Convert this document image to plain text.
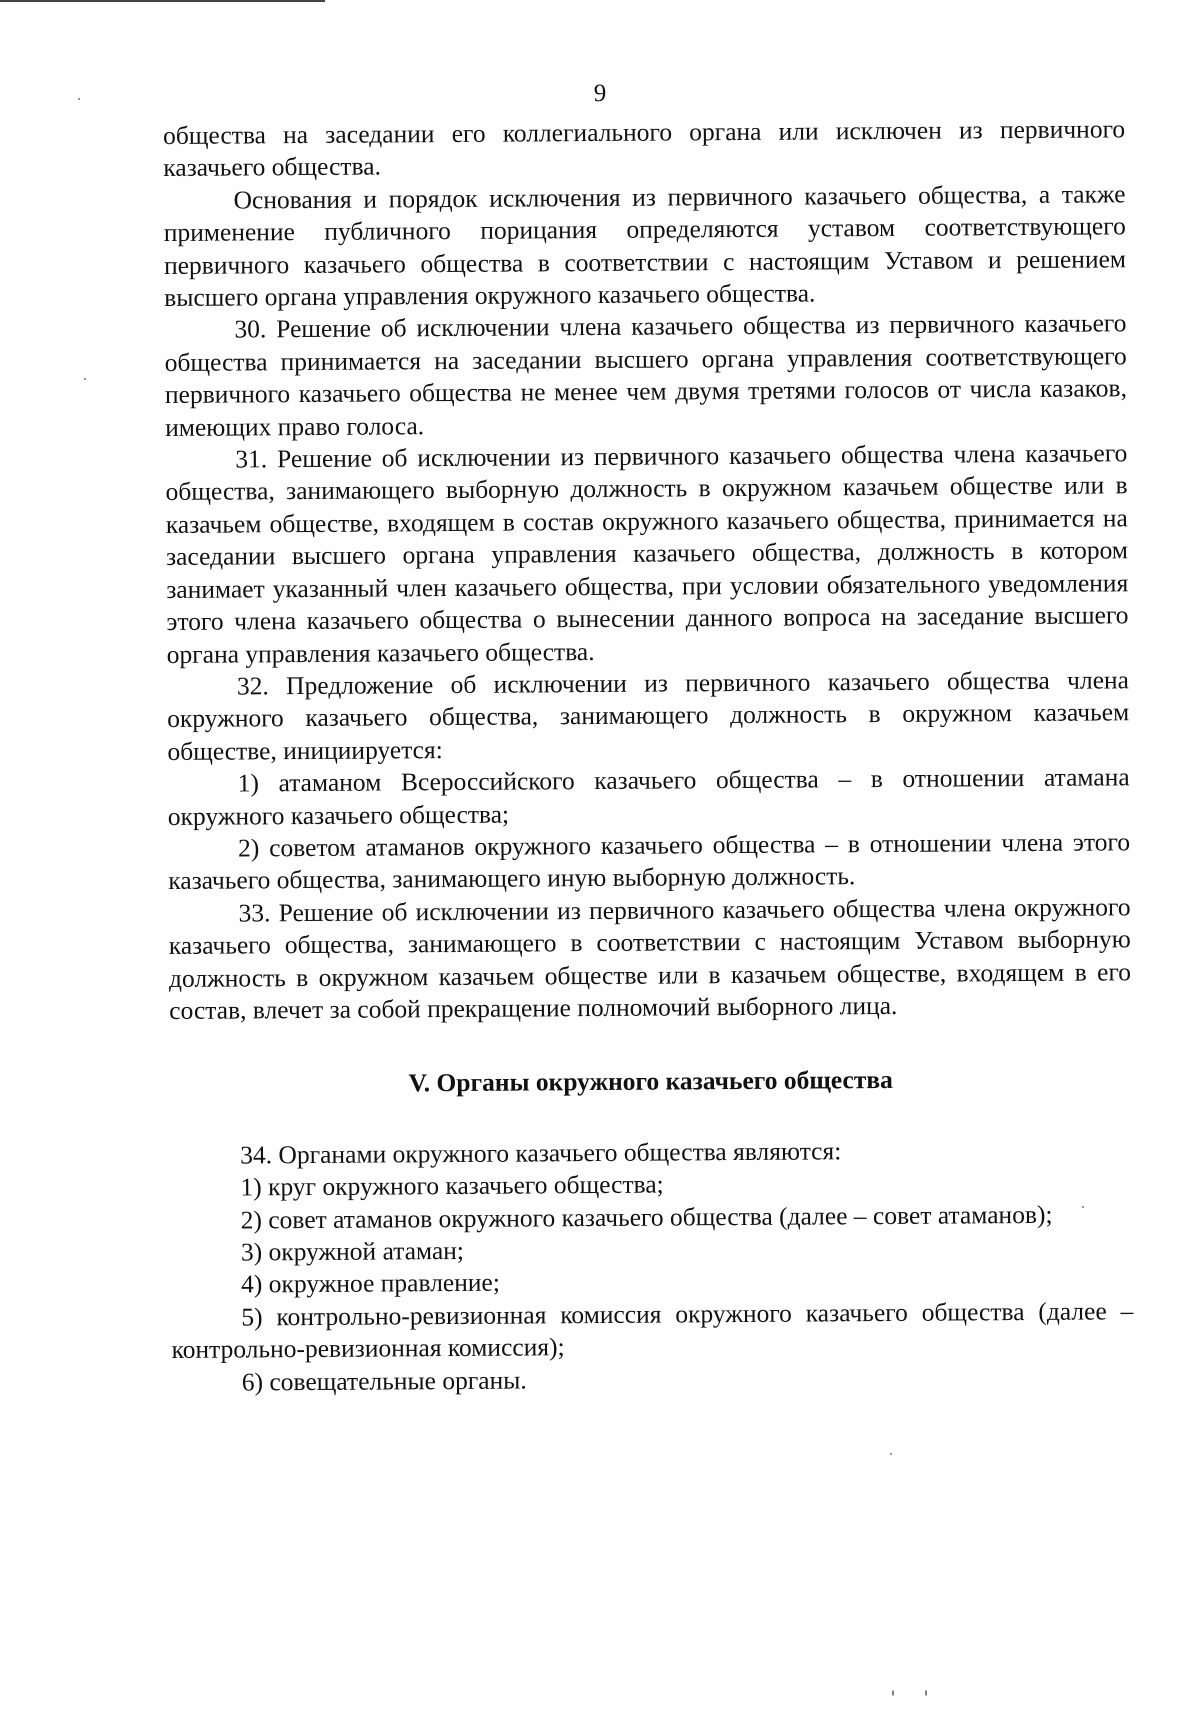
9

общества на заседании его коллегиального органа или исключен из первичного казачьего общества.

Основания и порядок исключения из первичного казачьего общества, а также применение публичного порицания определяются уставом соответствующего первичного казачьего общества в соответствии с настоящим Уставом и решением высшего органа управления окружного казачьего общества.

30. Решение об исключении члена казачьего общества из первичного казачьего общества принимается на заседании высшего органа управления соответствующего первичного казачьего общества не менее чем двумя третями голосов от числа казаков, имеющих право голоса.

31. Решение об исключении из первичного казачьего общества члена казачьего общества, занимающего выборную должность в окружном казачьем обществе или в казачьем обществе, входящем в состав окружного казачьего общества, принимается на заседании высшего органа управления казачьего общества, должность в котором занимает указанный член казачьего общества, при условии обязательного уведомления этого члена казачьего общества о вынесении данного вопроса на заседание высшего органа управления казачьего общества.

32. Предложение об исключении из первичного казачьего общества члена окружного казачьего общества, занимающего должность в окружном казачьем обществе, инициируется:

1) атаманом Всероссийского казачьего общества – в отношении атамана окружного казачьего общества;

2) советом атаманов окружного казачьего общества – в отношении члена этого казачьего общества, занимающего иную выборную должность.

33. Решение об исключении из первичного казачьего общества члена окружного казачьего общества, занимающего в соответствии с настоящим Уставом выборную должность в окружном казачьем обществе или в казачьем обществе, входящем в его состав, влечет за собой прекращение полномочий выборного лица.

V. Органы окружного казачьего общества

34. Органами окружного казачьего общества являются:

1) круг окружного казачьего общества;

2) совет атаманов окружного казачьего общества (далее – совет атаманов);

3) окружной атаман;

4) окружное правление;

5) контрольно-ревизионная комиссия окружного казачьего общества (далее – контрольно-ревизионная комиссия);

6) совещательные органы.
